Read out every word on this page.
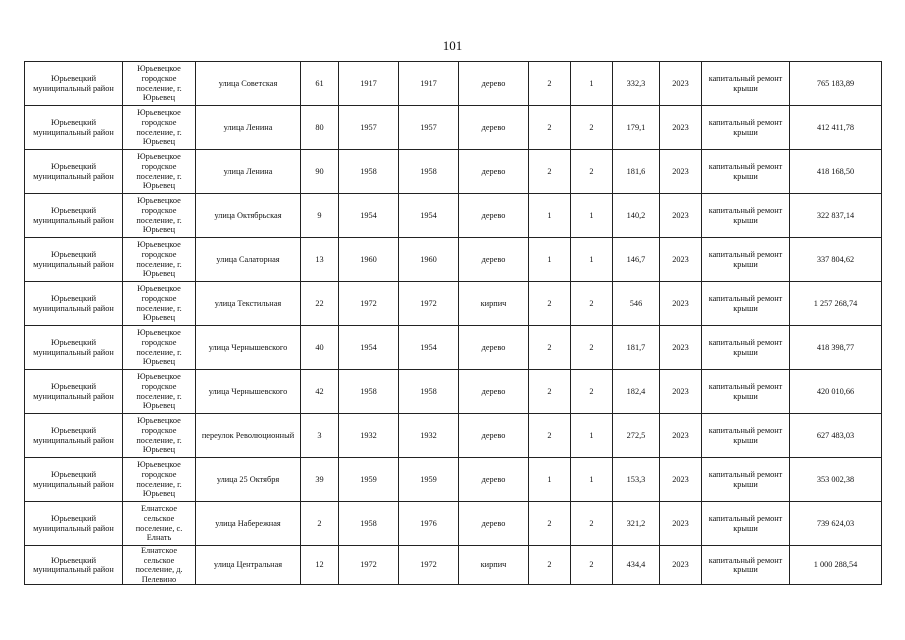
101
Юрьевецкий муниципальный район	Юрьевецкое городское поселение, г. Юрьевец	улица Советская	61	1917	1917	дерево	2	1	332,3	2023	капитальный ремонт крыши	765 183,89
Юрьевецкий муниципальный район	Юрьевецкое городское поселение, г. Юрьевец	улица Ленина	80	1957	1957	дерево	2	2	179,1	2023	капитальный ремонт крыши	412 411,78
Юрьевецкий муниципальный район	Юрьевецкое городское поселение, г. Юрьевец	улица Ленина	90	1958	1958	дерево	2	2	181,6	2023	капитальный ремонт крыши	418 168,50
Юрьевецкий муниципальный район	Юрьевецкое городское поселение, г. Юрьевец	улица Октябрьская	9	1954	1954	дерево	1	1	140,2	2023	капитальный ремонт крыши	322 837,14
Юрьевецкий муниципальный район	Юрьевецкое городское поселение, г. Юрьевец	улица Салаторная	13	1960	1960	дерево	1	1	146,7	2023	капитальный ремонт крыши	337 804,62
Юрьевецкий муниципальный район	Юрьевецкое городское поселение, г. Юрьевец	улица Текстильная	22	1972	1972	кирпич	2	2	546	2023	капитальный ремонт крыши	1 257 268,74
Юрьевецкий муниципальный район	Юрьевецкое городское поселение, г. Юрьевец	улица Чернышевского	40	1954	1954	дерево	2	2	181,7	2023	капитальный ремонт крыши	418 398,77
Юрьевецкий муниципальный район	Юрьевецкое городское поселение, г. Юрьевец	улица Чернышевского	42	1958	1958	дерево	2	2	182,4	2023	капитальный ремонт крыши	420 010,66
Юрьевецкий муниципальный район	Юрьевецкое городское поселение, г. Юрьевец	переулок Революционный	3	1932	1932	дерево	2	1	272,5	2023	капитальный ремонт крыши	627 483,03
Юрьевецкий муниципальный район	Юрьевецкое городское поселение, г. Юрьевец	улица 25 Октября	39	1959	1959	дерево	1	1	153,3	2023	капитальный ремонт крыши	353 002,38
Юрьевецкий муниципальный район	Елнатское сельское поселение, с. Елнать	улица Набережная	2	1958	1976	дерево	2	2	321,2	2023	капитальный ремонт крыши	739 624,03
Юрьевецкий муниципальный район	Елнатское сельское поселение, д. Пелевино	улица Центральная	12	1972	1972	кирпич	2	2	434,4	2023	капитальный ремонт крыши	1 000 288,54
